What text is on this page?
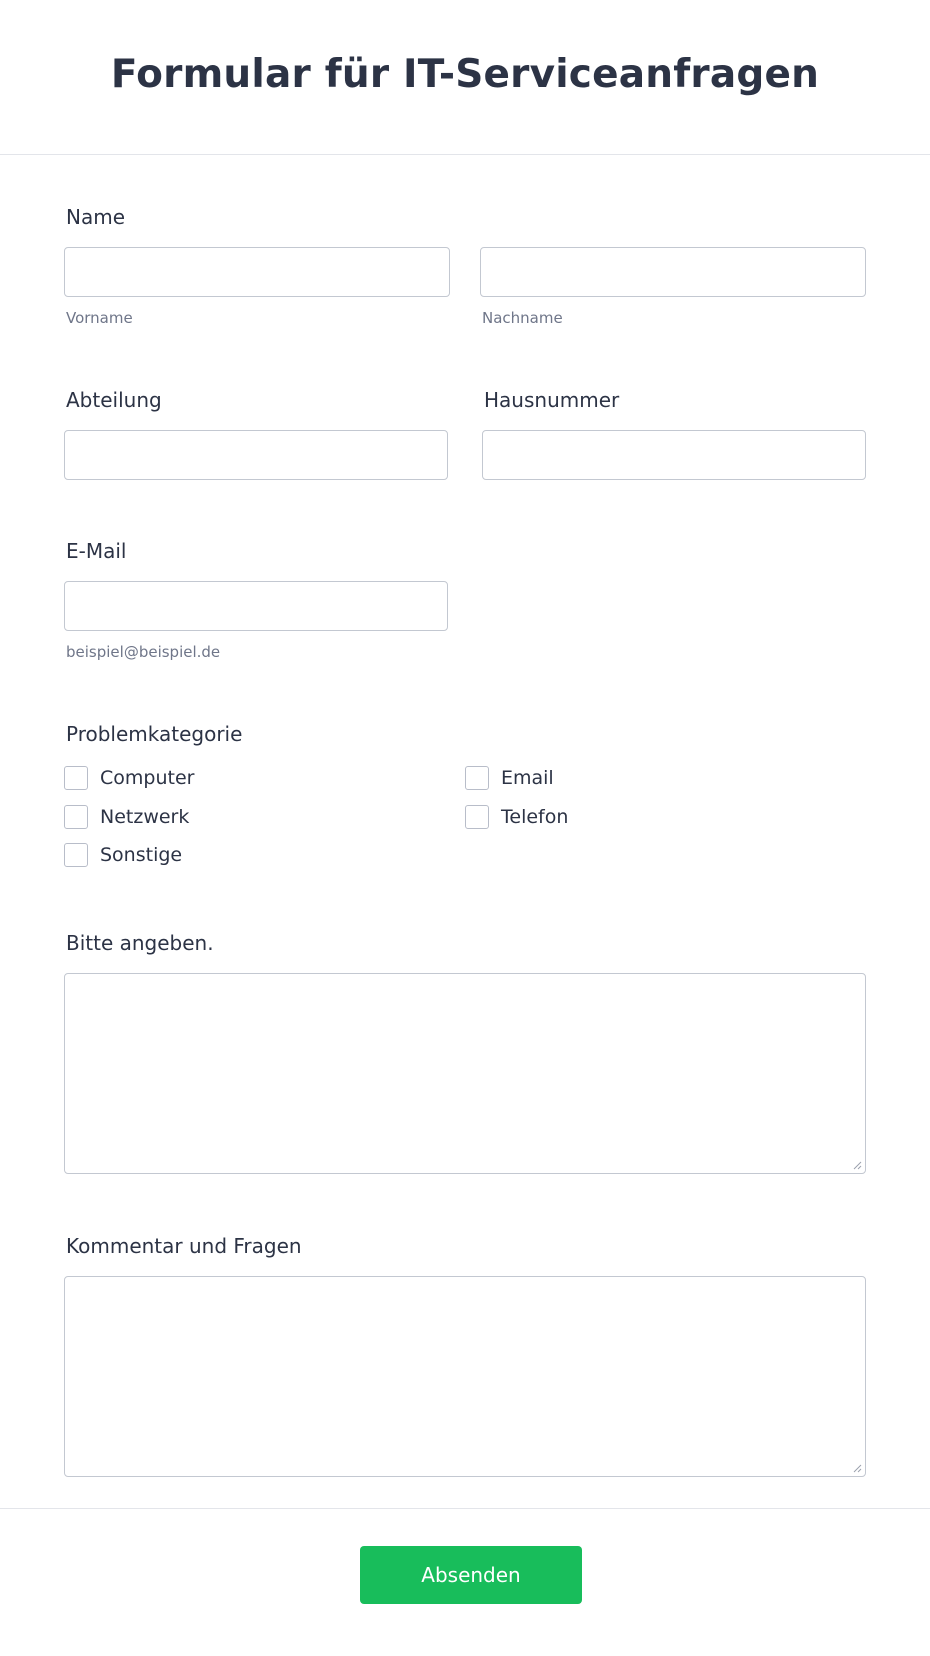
Formular für IT-Serviceanfragen
Name
Vorname	Nachname
Abteilung	Hausnummer
E-Mail
beispiel@beispiel.de
Problemkategorie
Computer	Email
Netzwerk	Telefon
Sonstige
Bitte angeben.
Kommentar und Fragen
Absenden
